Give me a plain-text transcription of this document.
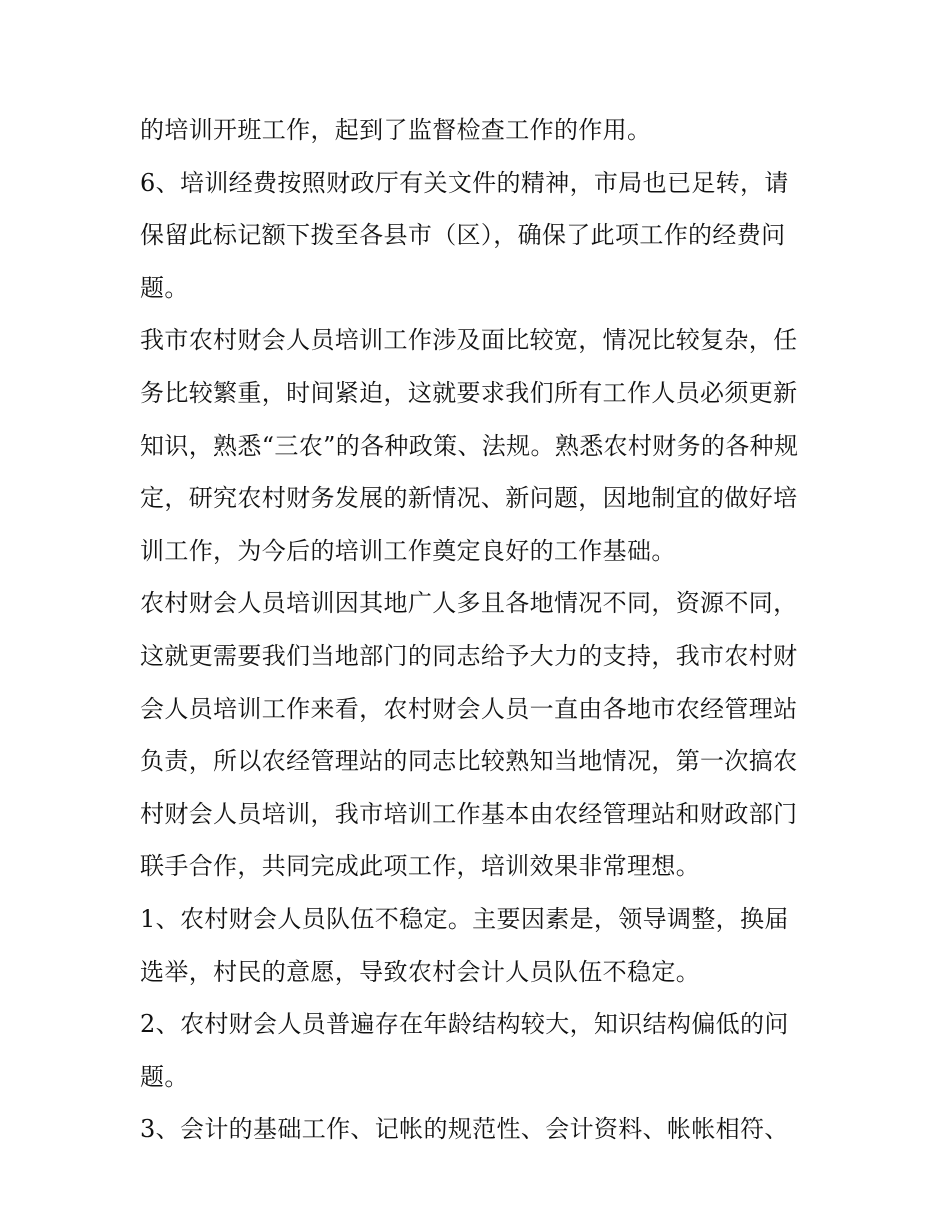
的培训开班工作，起到了监督检查工作的作用。
6、培训经费按照财政厅有关文件的精神，市局也已足转，请
保留此标记额下拨至各县市（区），确保了此项工作的经费问
题。
我市农村财会人员培训工作涉及面比较宽，情况比较复杂，任
务比较繁重，时间紧迫，这就要求我们所有工作人员必须更新
知识，熟悉“三农”的各种政策、法规。熟悉农村财务的各种规
定，研究农村财务发展的新情况、新问题，因地制宜的做好培
训工作，为今后的培训工作奠定良好的工作基础。
农村财会人员培训因其地广人多且各地情况不同，资源不同，
这就更需要我们当地部门的同志给予大力的支持，我市农村财
会人员培训工作来看，农村财会人员一直由各地市农经管理站
负责，所以农经管理站的同志比较熟知当地情况，第一次搞农
村财会人员培训，我市培训工作基本由农经管理站和财政部门
联手合作，共同完成此项工作，培训效果非常理想。
1、农村财会人员队伍不稳定。主要因素是，领导调整，换届
选举，村民的意愿，导致农村会计人员队伍不稳定。
2、农村财会人员普遍存在年龄结构较大，知识结构偏低的问
题。
3、会计的基础工作、记帐的规范性、会计资料、帐帐相符、
